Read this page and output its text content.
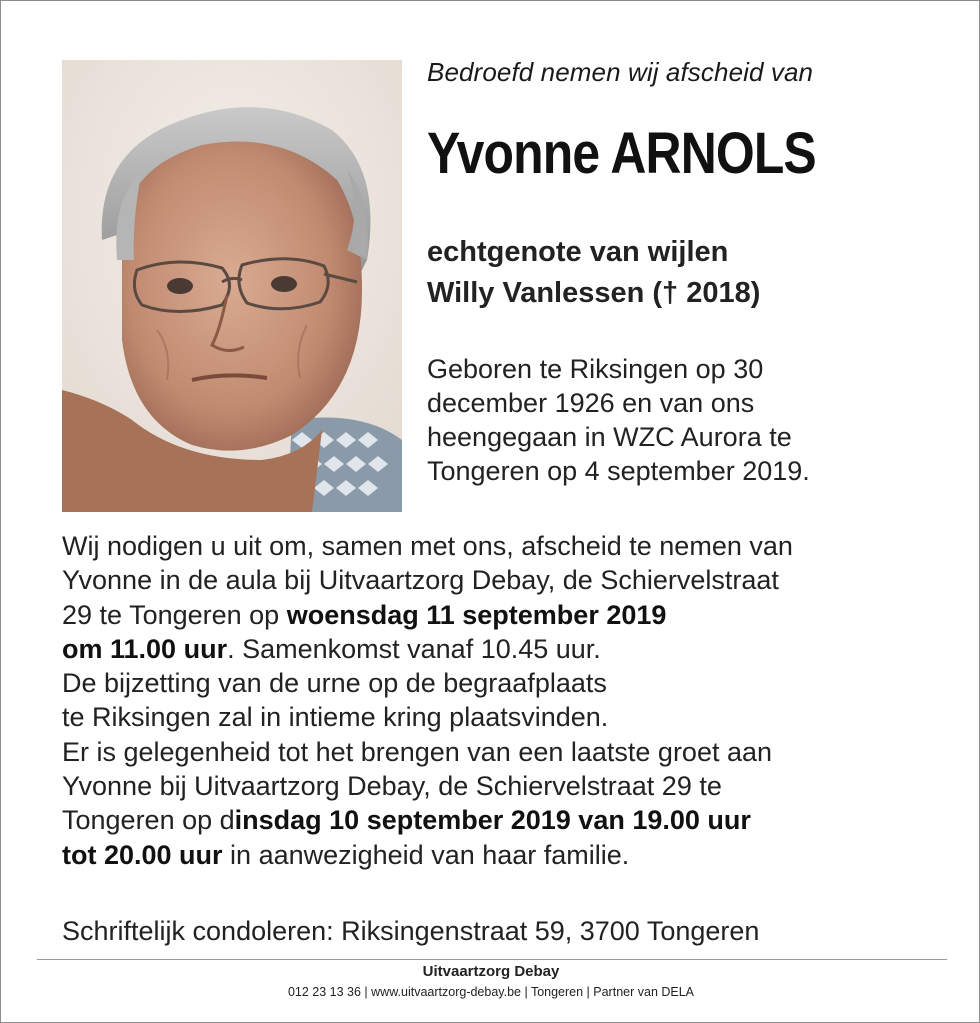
Bedroefd nemen wij afscheid van
Yvonne ARNOLS
echtgenote van wijlen
Willy Vanlessen († 2018)
Geboren te Riksingen op 30
december 1926 en van ons
heengegaan in WZC Aurora te
Tongeren op 4 september 2019.
Wij nodigen u uit om, samen met ons, afscheid te nemen van
Yvonne in de aula bij Uitvaartzorg Debay, de Schiervelstraat
29 te Tongeren op woensdag 11 september 2019
om 11.00 uur. Samenkomst vanaf 10.45 uur.
De bijzetting van de urne op de begraafplaats
te Riksingen zal in intieme kring plaatsvinden.
Er is gelegenheid tot het brengen van een laatste groet aan
Yvonne bij Uitvaartzorg Debay, de Schiervelstraat 29 te
Tongeren op dinsdag 10 september 2019 van 19.00 uur
tot 20.00 uur in aanwezigheid van haar familie.
Schriftelijk condoleren: Riksingenstraat 59, 3700 Tongeren
Uitvaartzorg Debay
012 23 13 36 | www.uitvaartzorg-debay.be | Tongeren | Partner van DELA
